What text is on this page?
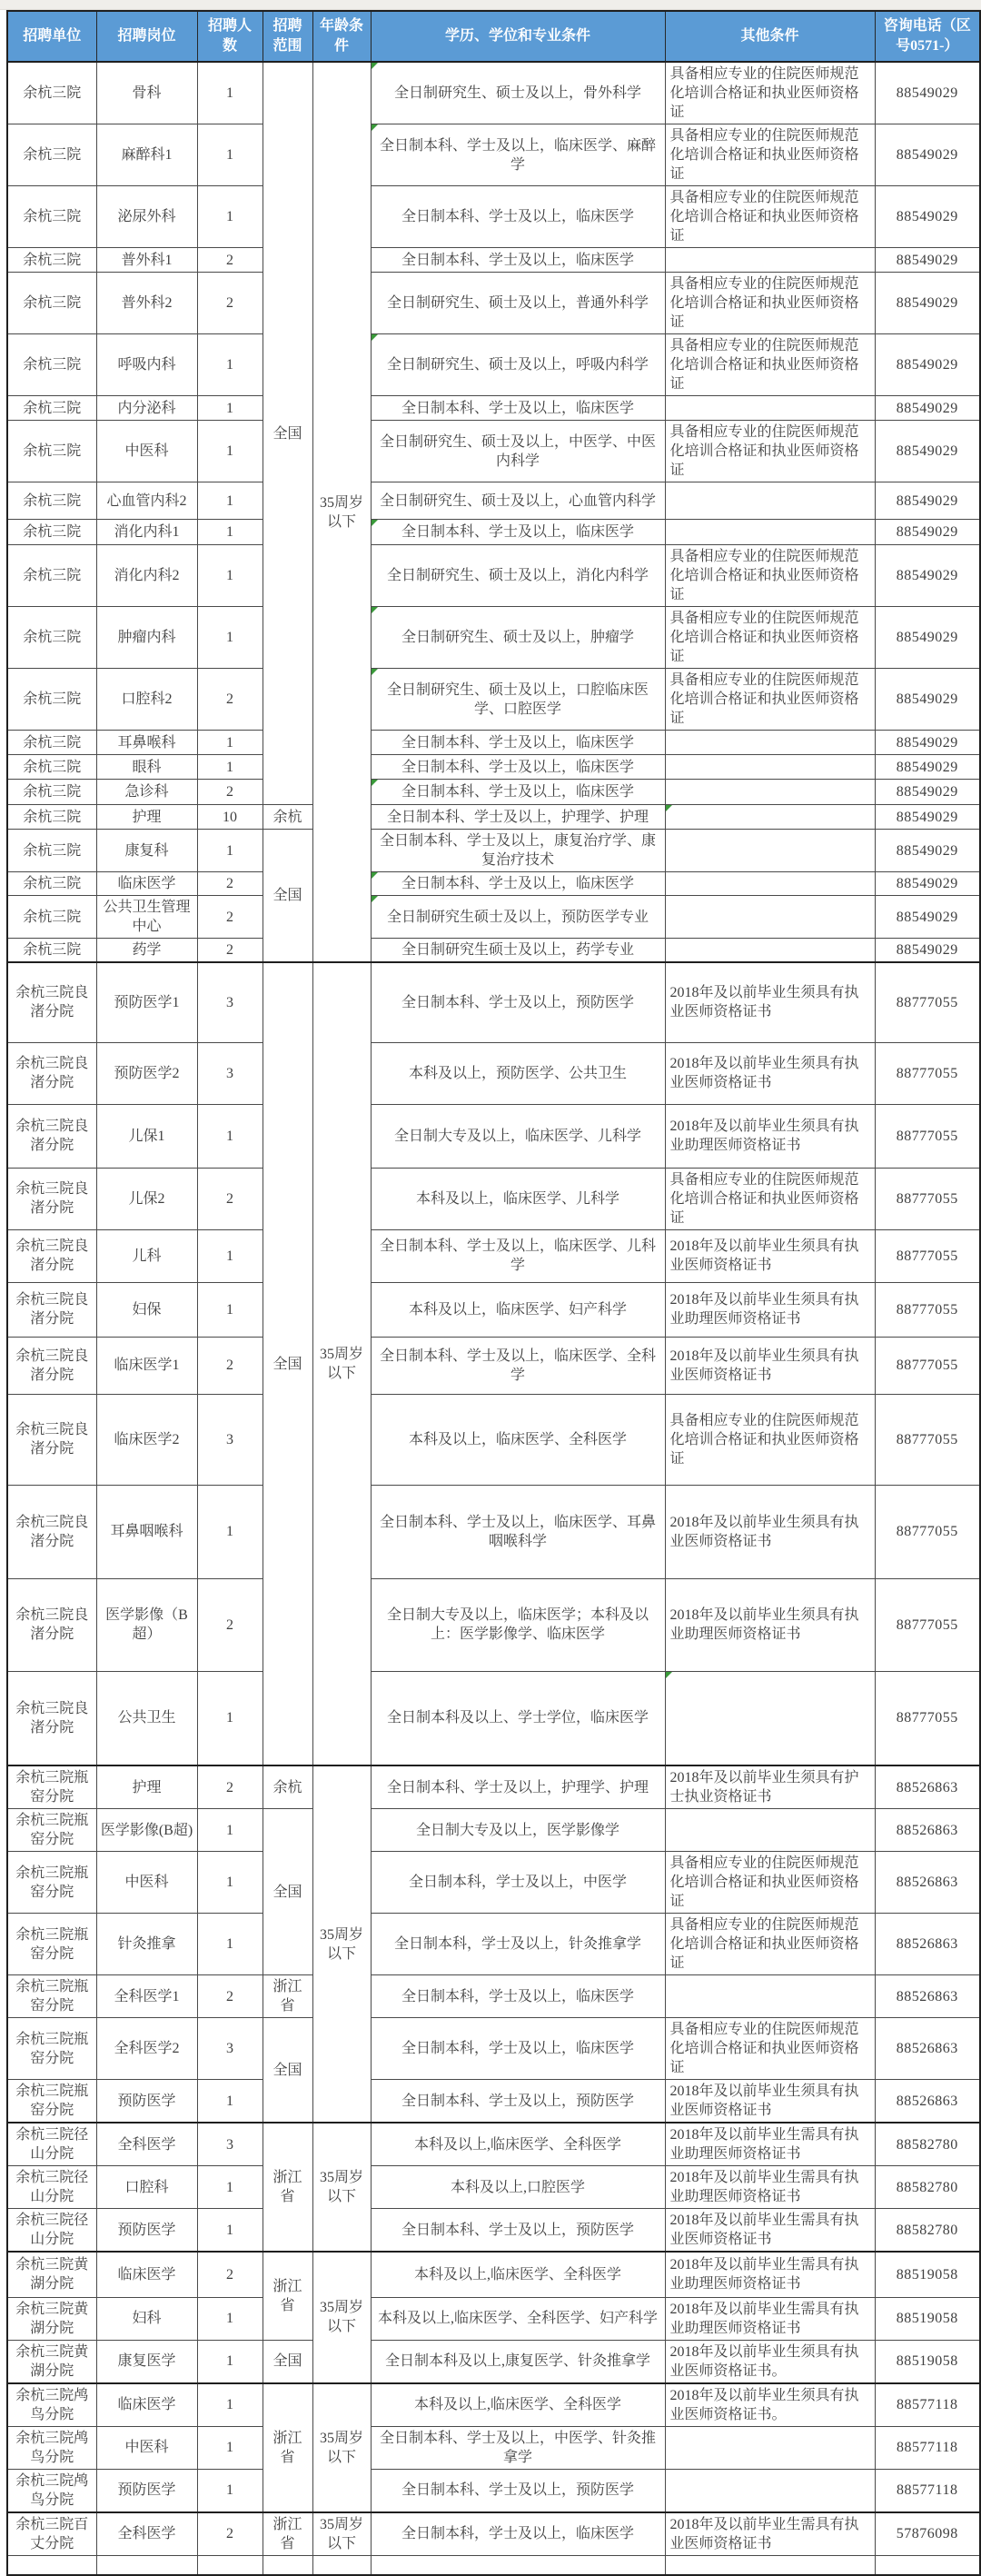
招聘单位	招聘岗位	招聘人数	招聘范围	年龄条件	学历、学位和专业条件	其他条件	咨询电话（区号0571-）
余杭三院	骨科	1	全国	35周岁以下	全日制研究生、硕士及以上，骨外科学	具备相应专业的住院医师规范化培训合格证和执业医师资格证	88549029
余杭三院	麻醉科1	1			全日制本科、学士及以上，临床医学、麻醉学	具备相应专业的住院医师规范化培训合格证和执业医师资格证	88549029
余杭三院	泌尿外科	1			全日制本科、学士及以上，临床医学	具备相应专业的住院医师规范化培训合格证和执业医师资格证	88549029
余杭三院	普外科1	2			全日制本科、学士及以上，临床医学		88549029
余杭三院	普外科2	2			全日制研究生、硕士及以上，普通外科学	具备相应专业的住院医师规范化培训合格证和执业医师资格证	88549029
余杭三院	呼吸内科	1			全日制研究生、硕士及以上，呼吸内科学	具备相应专业的住院医师规范化培训合格证和执业医师资格证	88549029
余杭三院	内分泌科	1			全日制本科、学士及以上，临床医学		88549029
余杭三院	中医科	1			全日制研究生、硕士及以上，中医学、中医内科学	具备相应专业的住院医师规范化培训合格证和执业医师资格证	88549029
余杭三院	心血管内科2	1			全日制研究生、硕士及以上，心血管内科学		88549029
余杭三院	消化内科1	1			全日制本科、学士及以上，临床医学		88549029
余杭三院	消化内科2	1			全日制研究生、硕士及以上，消化内科学	具备相应专业的住院医师规范化培训合格证和执业医师资格证	88549029
余杭三院	肿瘤内科	1			全日制研究生、硕士及以上，肿瘤学	具备相应专业的住院医师规范化培训合格证和执业医师资格证	88549029
余杭三院	口腔科2	2			全日制研究生、硕士及以上，口腔临床医学、口腔医学	具备相应专业的住院医师规范化培训合格证和执业医师资格证	88549029
余杭三院	耳鼻喉科	1			全日制本科、学士及以上，临床医学		88549029
余杭三院	眼科	1			全日制本科、学士及以上，临床医学		88549029
余杭三院	急诊科	2			全日制本科、学士及以上，临床医学		88549029
余杭三院	护理	10	余杭		全日制本科、学士及以上，护理学、护理		88549029
余杭三院	康复科	1	全国		全日制本科、学士及以上，康复治疗学、康复治疗技术		88549029
余杭三院	临床医学	2			全日制本科、学士及以上，临床医学		88549029
余杭三院	公共卫生管理中心	2			全日制研究生硕士及以上，预防医学专业		88549029
余杭三院	药学	2			全日制研究生硕士及以上，药学专业		88549029
余杭三院良渚分院	预防医学1	3	全国	35周岁以下	全日制本科、学士及以上，预防医学	2018年及以前毕业生须具有执业医师资格证书	88777055
余杭三院良渚分院	预防医学2	3			本科及以上，预防医学、公共卫生	2018年及以前毕业生须具有执业医师资格证书	88777055
余杭三院良渚分院	儿保1	1			全日制大专及以上，临床医学、儿科学	2018年及以前毕业生须具有执业助理医师资格证书	88777055
余杭三院良渚分院	儿保2	2			本科及以上，临床医学、儿科学	具备相应专业的住院医师规范化培训合格证和执业医师资格证	88777055
余杭三院良渚分院	儿科	1			全日制本科、学士及以上，临床医学、儿科学	2018年及以前毕业生须具有执业医师资格证书	88777055
余杭三院良渚分院	妇保	1			本科及以上，临床医学、妇产科学	2018年及以前毕业生须具有执业助理医师资格证书	88777055
余杭三院良渚分院	临床医学1	2			全日制本科、学士及以上，临床医学、全科学	2018年及以前毕业生须具有执业医师资格证书	88777055
余杭三院良渚分院	临床医学2	3			本科及以上，临床医学、全科医学	具备相应专业的住院医师规范化培训合格证和执业医师资格证	88777055
余杭三院良渚分院	耳鼻咽喉科	1			全日制本科、学士及以上，临床医学、耳鼻咽喉科学	2018年及以前毕业生须具有执业医师资格证书	88777055
余杭三院良渚分院	医学影像（B超）	2			全日制大专及以上，临床医学；本科及以上：医学影像学、临床医学	2018年及以前毕业生须具有执业助理医师资格证书	88777055
余杭三院良渚分院	公共卫生	1			全日制本科及以上、学士学位，临床医学		88777055
余杭三院瓶窑分院	护理	2	余杭	35周岁以下	全日制本科、学士及以上，护理学、护理	2018年及以前毕业生须具有护士执业资格证书	88526863
余杭三院瓶窑分院	医学影像(B超)	1	全国		全日制大专及以上，医学影像学		88526863
余杭三院瓶窑分院	中医科	1			全日制本科，学士及以上，中医学	具备相应专业的住院医师规范化培训合格证和执业医师资格证	88526863
余杭三院瓶窑分院	针灸推拿	1			全日制本科，学士及以上，针灸推拿学	具备相应专业的住院医师规范化培训合格证和执业医师资格证	88526863
余杭三院瓶窑分院	全科医学1	2	浙江省		全日制本科，学士及以上，临床医学		88526863
余杭三院瓶窑分院	全科医学2	3	全国		全日制本科，学士及以上，临床医学	具备相应专业的住院医师规范化培训合格证和执业医师资格证	88526863
余杭三院瓶窑分院	预防医学	1			全日制本科、学士及以上，预防医学	2018年及以前毕业生须具有执业医师资格证书	88526863
余杭三院径山分院	全科医学	3	浙江省	35周岁以下	本科及以上,临床医学、全科医学	2018年及以前毕业生需具有执业助理医师资格证书	88582780
余杭三院径山分院	口腔科	1			本科及以上,口腔医学	2018年及以前毕业生需具有执业助理医师资格证书	88582780
余杭三院径山分院	预防医学	1			全日制本科、学士及以上，预防医学	2018年及以前毕业生需具有执业医师资格证书	88582780
余杭三院黄湖分院	临床医学	2	浙江省	35周岁以下	本科及以上,临床医学、全科医学	2018年及以前毕业生需具有执业助理医师资格证书	88519058
余杭三院黄湖分院	妇科	1			本科及以上,临床医学、全科医学、妇产科学	2018年及以前毕业生需具有执业助理医师资格证书	88519058
余杭三院黄湖分院	康复医学	1	全国		全日制本科及以上,康复医学、针灸推拿学	2018年及以前毕业生须具有执业医师资格证书。	88519058
余杭三院鸬鸟分院	临床医学	1	浙江省	35周岁以下	本科及以上,临床医学、全科医学	2018年及以前毕业生须具有执业医师资格证书。	88577118
余杭三院鸬鸟分院	中医科	1			全日制本科、学士及以上，中医学、针灸推拿学		88577118
余杭三院鸬鸟分院	预防医学	1			全日制本科、学士及以上，预防医学		88577118
余杭三院百丈分院	全科医学	2	浙江省	35周岁以下	全日制本科，学士及以上，临床医学	2018年及以前毕业生需具有执业医师资格证书	57876098
